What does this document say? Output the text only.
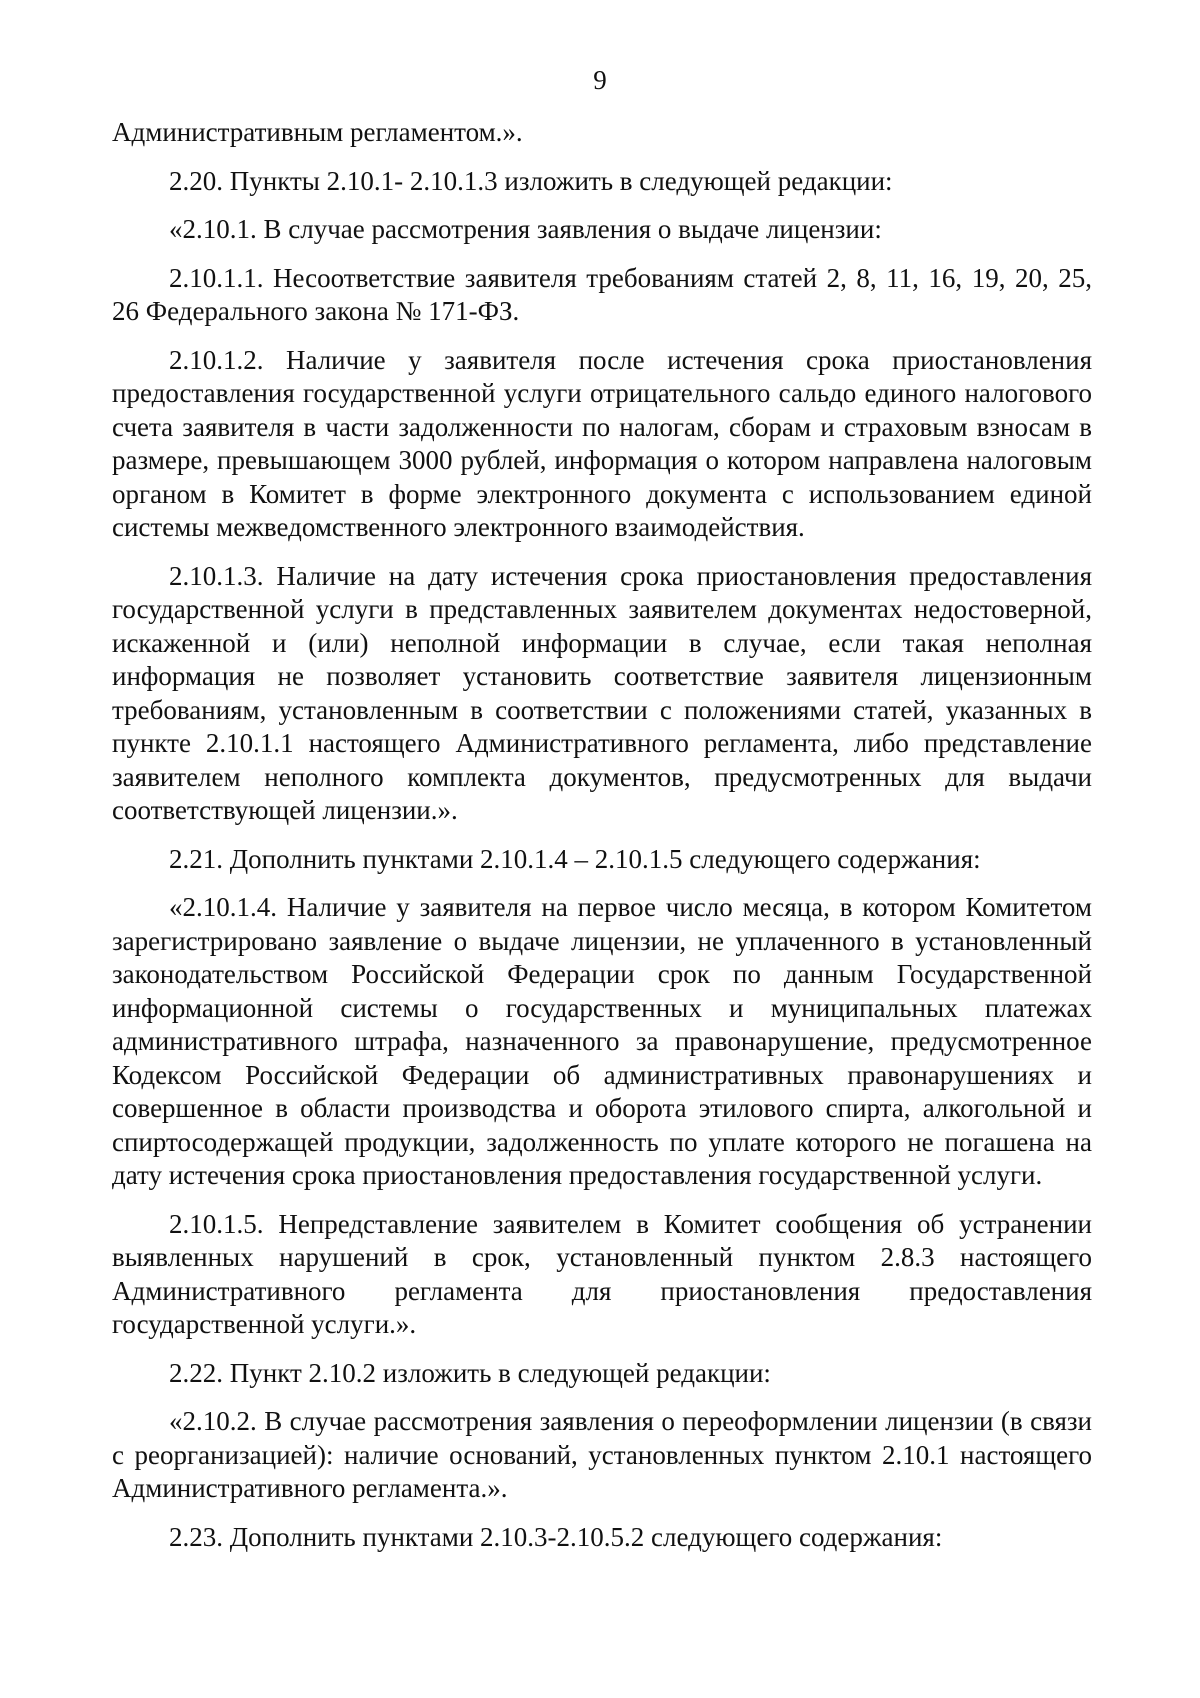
9

Административным регламентом.».

2.20. Пункты 2.10.1- 2.10.1.3 изложить в следующей редакции:

«2.10.1. В случае рассмотрения заявления о выдаче лицензии:

2.10.1.1. Несоответствие заявителя требованиям статей 2, 8, 11, 16, 19, 20, 25, 26 Федерального закона № 171-ФЗ.

2.10.1.2. Наличие у заявителя после истечения срока приостановления предоставления государственной услуги отрицательного сальдо единого налогового счета заявителя в части задолженности по налогам, сборам и страховым взносам в размере, превышающем 3000 рублей, информация о котором направлена налоговым органом в Комитет в форме электронного документа с использованием единой системы межведомственного электронного взаимодействия.

2.10.1.3. Наличие на дату истечения срока приостановления предоставления государственной услуги в представленных заявителем документах недостоверной, искаженной и (или) неполной информации в случае, если такая неполная информация не позволяет установить соответствие заявителя лицензионным требованиям, установленным в соответствии с положениями статей, указанных в пункте 2.10.1.1 настоящего Административного регламента, либо представление заявителем неполного комплекта документов, предусмотренных для выдачи соответствующей лицензии.».

2.21. Дополнить пунктами 2.10.1.4 – 2.10.1.5 следующего содержания:

«2.10.1.4. Наличие у заявителя на первое число месяца, в котором Комитетом зарегистрировано заявление о выдаче лицензии, не уплаченного в установленный законодательством Российской Федерации срок по данным Государственной информационной системы о государственных и муниципальных платежах административного штрафа, назначенного за правонарушение, предусмотренное Кодексом Российской Федерации об административных правонарушениях и совершенное в области производства и оборота этилового спирта, алкогольной и спиртосодержащей продукции, задолженность по уплате которого не погашена на дату истечения срока приостановления предоставления государственной услуги.

2.10.1.5. Непредставление заявителем в Комитет сообщения об устранении выявленных нарушений в срок, установленный пунктом 2.8.3 настоящего Административного регламента для приостановления предоставления государственной услуги.».

2.22. Пункт 2.10.2 изложить в следующей редакции:

«2.10.2. В случае рассмотрения заявления о переоформлении лицензии (в связи с реорганизацией): наличие оснований, установленных пунктом 2.10.1 настоящего Административного регламента.».

2.23. Дополнить пунктами 2.10.3-2.10.5.2 следующего содержания:
